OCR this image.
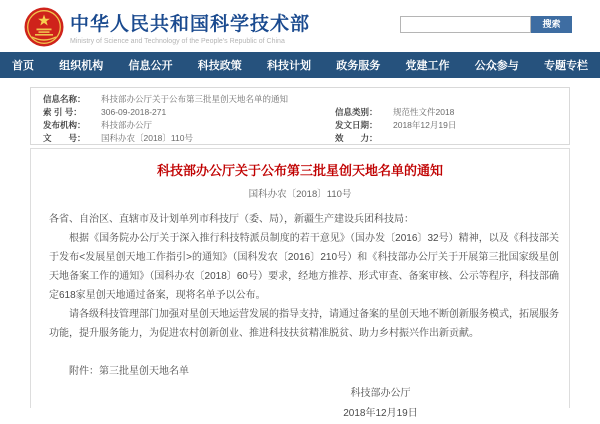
中华人民共和国科学技术部
Ministry of Science and Technology of the People's Republic of China
搜索
首页 组织机构 信息公开 科技政策 科技计划 政务服务 党建工作 公众参与 专题专栏
信息名称：	科技部办公厅关于公布第三批星创天地名单的通知
索 引 号：	306-09-2018-271
发布机构：	科技部办公厅
文　　号：	国科办农〔2018〕110号
信息类别：	规范性文件2018
发文日期：	2018年12月19日
效　　力：
科技部办公厅关于公布第三批星创天地名单的通知
国科办农〔2018〕110号

各省、自治区、直辖市及计划单列市科技厅（委、局），新疆生产建设兵团科技局：

根据《国务院办公厅关于深入推行科技特派员制度的若干意见》（国办发〔2016〕32号）精神，以及《科技部关于发布<发展星创天地工作指引>的通知》（国科发农〔2016〕210号）和《科技部办公厅关于开展第三批国家级星创天地备案工作的通知》（国科办农〔2018〕60号）要求，经地方推荐、形式审查、备案审核、公示等程序，科技部确定618家星创天地通过备案，现将名单予以公布。

请各级科技管理部门加强对星创天地运营发展的指导支持，请通过备案的星创天地不断创新服务模式，拓展服务功能，提升服务能力，为促进农村创新创业、推进科技扶贫精准脱贫、助力乡村振兴作出新贡献。

附件：第三批星创天地名单

科技部办公厅
2018年12月19日
